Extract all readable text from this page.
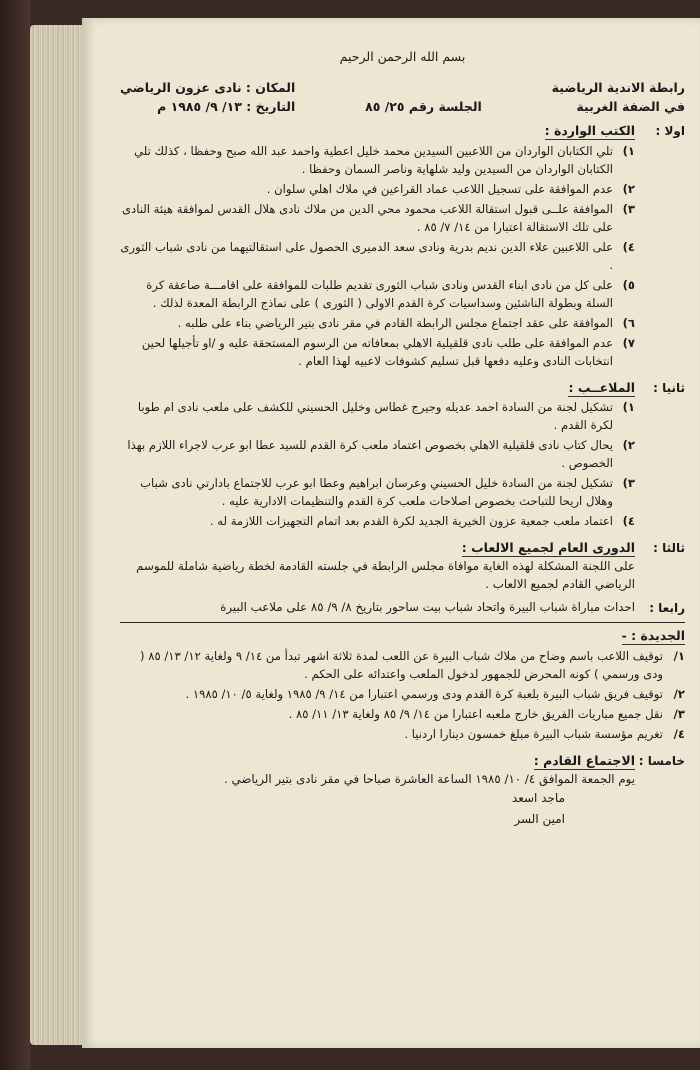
بسم الله الرحمن الرحيم
رابطة الاندية الرياضية
في الضفة الغربية
الجلسة رقم ٢٥/ ٨٥
المكان : نادى عزون الرياضي
التاريخ : ١٣/ ٩/ ١٩٨٥ م
اولا :
الكتب الواردة :
١)
تلي الكتابان الواردان من اللاعبين السيدين محمد خليل اعطية واحمد عبد الله صبح وحفظا ، كذلك تلي الكتابان الواردان من السيدين وليد شلهاية وناصر السمان وحفظا .
٢)
عدم الموافقة على تسجيل اللاعب عماد القراعين في ملاك اهلي سلوان .
٣)
الموافقة علــى قبول استقالة اللاعب محمود محي الدين من ملاك نادى هلال القدس لموافقة هيئة النادى على تلك الاستقالة اعتبارا من ١٤/ ٧/ ٨٥ .
٤)
على اللاعبين علاء الدين نديم بدرية ونادى سعد الدميرى الحصول على استقالتيهما من نادى شباب الثورى .
٥)
على كل من نادى ابناء القدس ونادى شباب الثورى تقديم طلبات للموافقة على اقامـــة صاعقة كرة السلة وبطولة الناشئين وسداسيات كرة القدم الاولى ( الثورى ) على نماذج الرابطة المعدة لذلك .
٦)
الموافقة على عقد اجتماع مجلس الرابطة القادم في مقر نادى بتير الرياضي بناء على طلبه .
٧)
عدم الموافقة على طلب نادى قلقيلية الاهلي بمعافاته من الرسوم المستحقة عليه و /او تأجيلها لحين انتخابات النادى وعليه دفعها قبل تسليم كشوفات لاعبيه لهذا العام .
ثانيا :
الملاعــب :
١)
تشكيل لجنة من السادة احمد عديله وجيرج غطاس وخليل الحسيني للكشف على ملعب نادى ام طوبا لكرة القدم .
٢)
يحال كتاب نادى قلقيلية الاهلي بخصوص اعتماد ملعب كرة القدم للسيد عطا ابو عرب لاجراء اللازم بهذا الخصوص .
٣)
تشكيل لجنة من السادة خليل الحسيني وعرسان ابراهيم وعطا ابو عرب للاجتماع بادارتي نادى شباب وهلال اريحا للتباحث بخصوص اصلاحات ملعب كرة القدم والتنظيمات الادارية عليه .
٤)
اعتماد ملعب جمعية عزون الخيرية الجديد لكرة القدم بعد اتمام التجهيزات اللازمة له .
ثالثا :
الدورى العام لجميع الالعاب :
على اللجنة المشكلة لهذه الغاية موافاة مجلس الرابطة في جلسته القادمة لخطة رياضية شاملة للموسم الرياضي القادم لجميع الالعاب .
رابعا :
احداث مباراة شباب البيرة واتحاد شباب بيت ساحور بتاريخ ٨/ ٩/ ٨٥ على ملاعب البيرة
الجديدة : -
١/
توقيف اللاعب باسم وضاح من ملاك شباب البيرة عن اللعب لمدة ثلاثة اشهر تبدأ من ١٤/ ٩ ولغاية ١٢/ ١٣/ ٨٥ ( ودى ورسمي ) كونه المحرض للجمهور لدخول الملعب واعتدائه على الحكم .
٢/
توقيف فريق شباب البيرة بلعبة كرة القدم ودى ورسمي اعتبارا من ١٤/ ٩/ ١٩٨٥ ولغاية ٥/ ١٠/ ١٩٨٥ .
٣/
نقل جميع مباريات الفريق خارج ملعبه اعتبارا من ١٤/ ٩/ ٨٥ ولغاية ١٣/ ١١/ ٨٥ .
٤/
تغريم مؤسسة شباب البيرة مبلغ خمسون دينارا اردنيا .
خامسا :
الاجتماع القادم :
يوم الجمعة الموافق ٤/ ١٠/ ١٩٨٥ الساعة العاشرة صباحا في مقر نادى بتير الرياضي .
ماجد اسعد
امين السر
